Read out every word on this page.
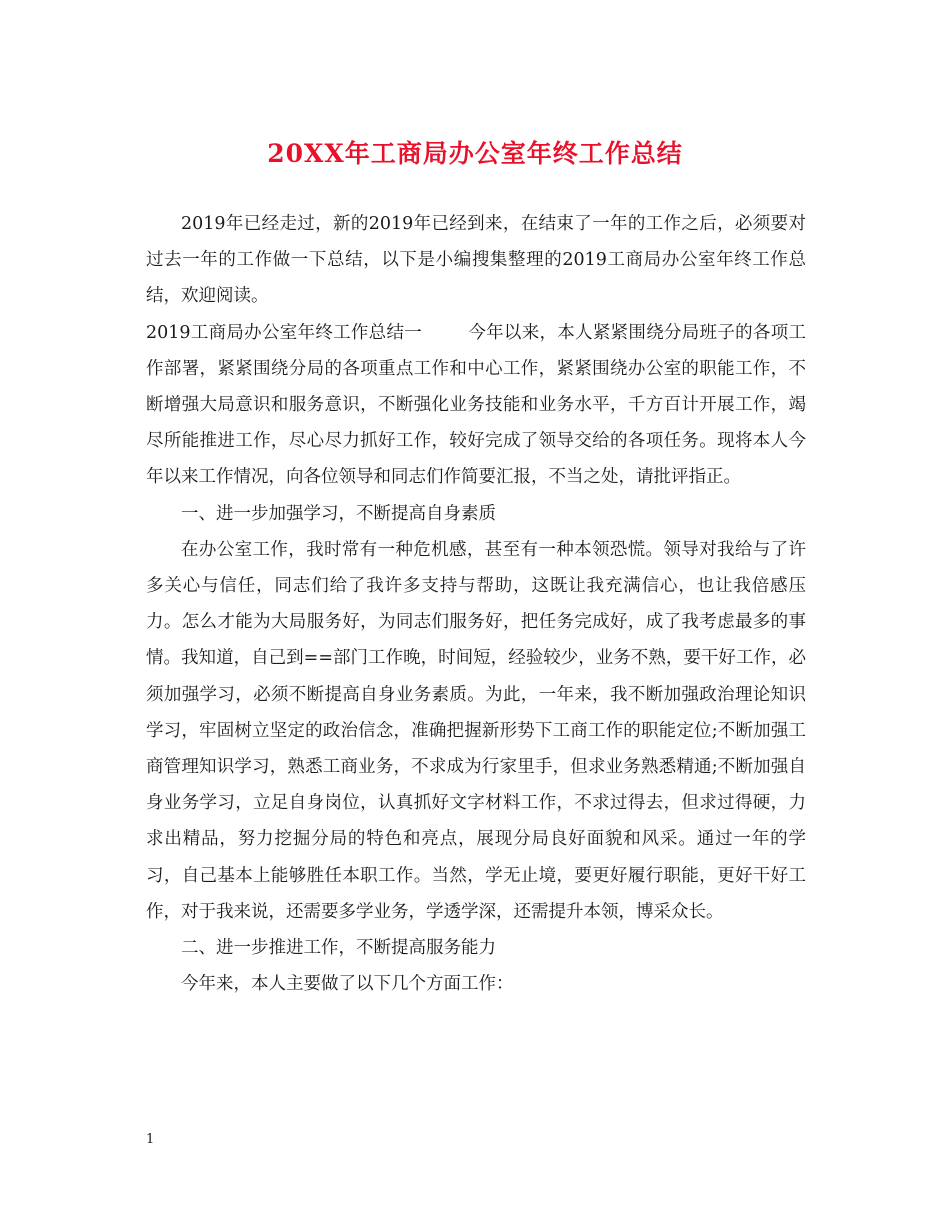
20XX年工商局办公室年终工作总结

2019年已经走过，新的2019年已经到来，在结束了一年的工作之后，必须要对过去一年的工作做一下总结，以下是小编搜集整理的2019工商局办公室年终工作总结，欢迎阅读。

2019工商局办公室年终工作总结一	今年以来，本人紧紧围绕分局班子的各项工作部署，紧紧围绕分局的各项重点工作和中心工作，紧紧围绕办公室的职能工作，不断增强大局意识和服务意识，不断强化业务技能和业务水平，千方百计开展工作，竭尽所能推进工作，尽心尽力抓好工作，较好完成了领导交给的各项任务。现将本人今年以来工作情况，向各位领导和同志们作简要汇报，不当之处，请批评指正。

一、进一步加强学习，不断提高自身素质

在办公室工作，我时常有一种危机感，甚至有一种本领恐慌。领导对我给与了许多关心与信任，同志们给了我许多支持与帮助，这既让我充满信心，也让我倍感压力。怎么才能为大局服务好，为同志们服务好，把任务完成好，成了我考虑最多的事情。我知道，自己到==部门工作晚，时间短，经验较少，业务不熟，要干好工作，必须加强学习，必须不断提高自身业务素质。为此，一年来，我不断加强政治理论知识学习，牢固树立坚定的政治信念，准确把握新形势下工商工作的职能定位;不断加强工商管理知识学习，熟悉工商业务，不求成为行家里手，但求业务熟悉精通;不断加强自身业务学习，立足自身岗位，认真抓好文字材料工作，不求过得去，但求过得硬，力求出精品，努力挖掘分局的特色和亮点，展现分局良好面貌和风采。通过一年的学习，自己基本上能够胜任本职工作。当然，学无止境，要更好履行职能，更好干好工作，对于我来说，还需要多学业务，学透学深，还需提升本领，博采众长。

二、进一步推进工作，不断提高服务能力

今年来，本人主要做了以下几个方面工作：

1
